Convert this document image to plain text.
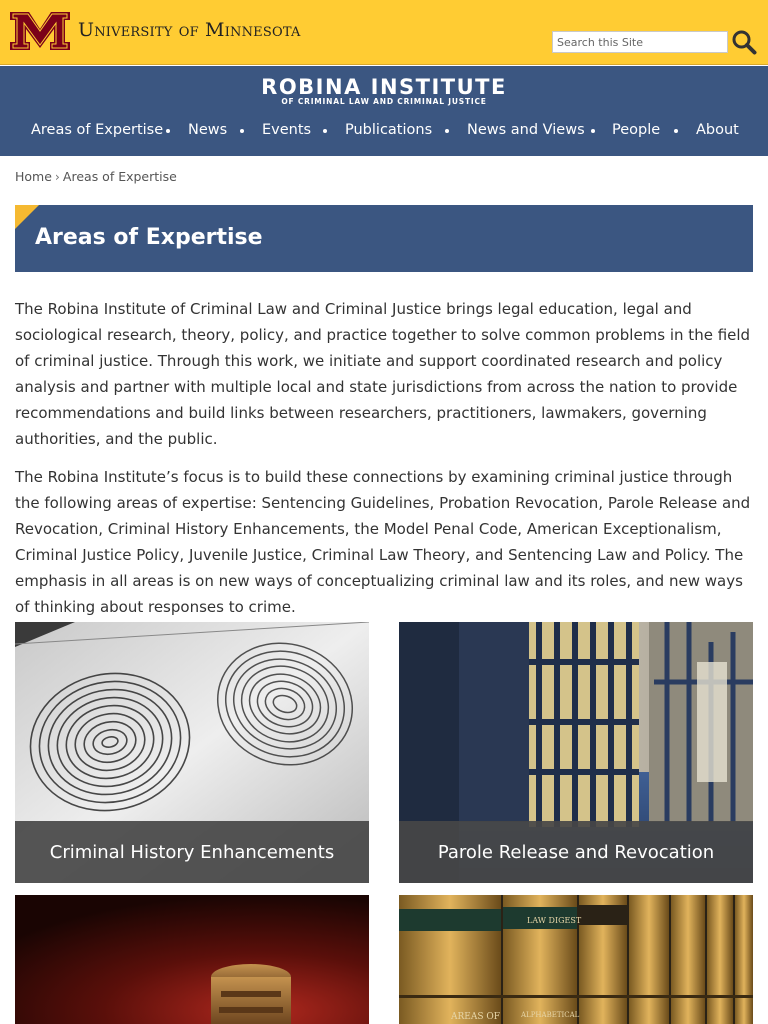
University of Minnesota
Search this Site
ROBINA INSTITUTE
OF CRIMINAL LAW AND CRIMINAL JUSTICE
Areas of Expertise News Events Publications News and Views People About
Home › Areas of Expertise
Areas of Expertise

The Robina Institute of Criminal Law and Criminal Justice brings legal education, legal and sociological research, theory, policy, and practice together to solve common problems in the field of criminal justice. Through this work, we initiate and support coordinated research and policy analysis and partner with multiple local and state jurisdictions from across the nation to provide recommendations and build links between researchers, practitioners, lawmakers, governing authorities, and the public.

The Robina Institute’s focus is to build these connections by examining criminal justice through the following areas of expertise: Sentencing Guidelines, Probation Revocation, Parole Release and Revocation, Criminal History Enhancements, the Model Penal Code, American Exceptionalism, Criminal Justice Policy, Juvenile Justice, Criminal Law Theory, and Sentencing Law and Policy. The emphasis in all areas is on new ways of conceptualizing criminal law and its roles, and new ways of thinking about responses to crime.

Criminal History Enhancements	Parole Release and Revocation
LAW DIGEST
AREAS OF	ALPHABETICAL
